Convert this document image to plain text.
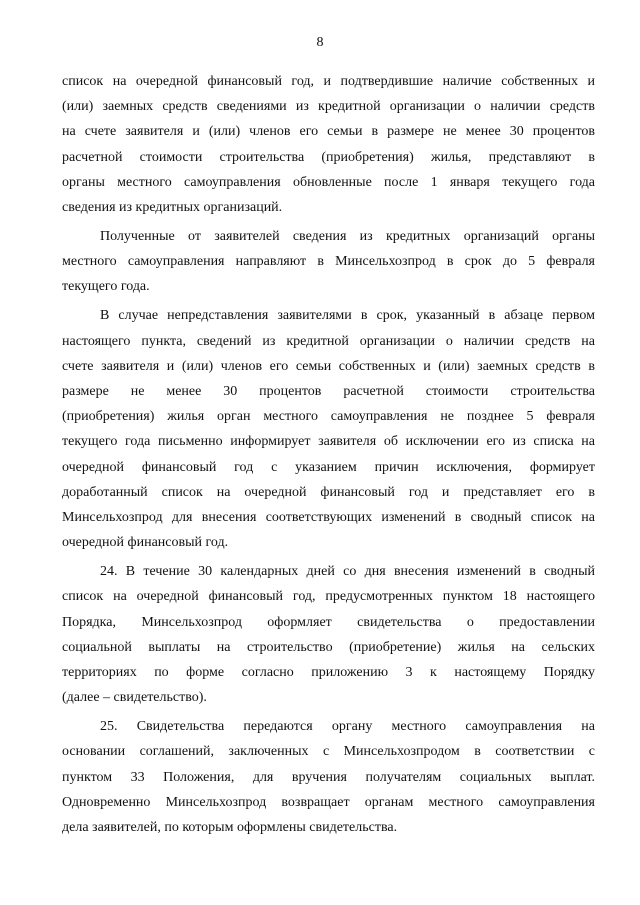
8
список на очередной финансовый год, и подтвердившие наличие собственных и
(или) заемных средств сведениями из кредитной организации о наличии средств
на счете заявителя и (или) членов его семьи в размере не менее 30 процентов
расчетной стоимости строительства (приобретения) жилья, представляют в
органы местного самоуправления обновленные после 1 января текущего года
сведения из кредитных организаций.
Полученные от заявителей сведения из кредитных организаций органы
местного самоуправления направляют в Минсельхозпрод в срок до 5 февраля
текущего года.
В случае непредставления заявителями в срок, указанный в абзаце первом
настоящего пункта, сведений из кредитной организации о наличии средств на
счете заявителя и (или) членов его семьи собственных и (или) заемных средств в
размере не менее 30 процентов расчетной стоимости строительства
(приобретения) жилья орган местного самоуправления не позднее 5 февраля
текущего года письменно информирует заявителя об исключении его из списка на
очередной финансовый год с указанием причин исключения, формирует
доработанный список на очередной финансовый год и представляет его в
Минсельхозпрод для внесения соответствующих изменений в сводный список на
очередной финансовый год.
24. В течение 30 календарных дней со дня внесения изменений в сводный
список на очередной финансовый год, предусмотренных пунктом 18 настоящего
Порядка, Минсельхозпрод оформляет свидетельства о предоставлении
социальной выплаты на строительство (приобретение) жилья на сельских
территориях по форме согласно приложению 3 к настоящему Порядку
(далее – свидетельство).
25. Свидетельства передаются органу местного самоуправления на
основании соглашений, заключенных с Минсельхозпродом в соответствии с
пунктом 33 Положения, для вручения получателям социальных выплат.
Одновременно Минсельхозпрод возвращает органам местного самоуправления
дела заявителей, по которым оформлены свидетельства.
